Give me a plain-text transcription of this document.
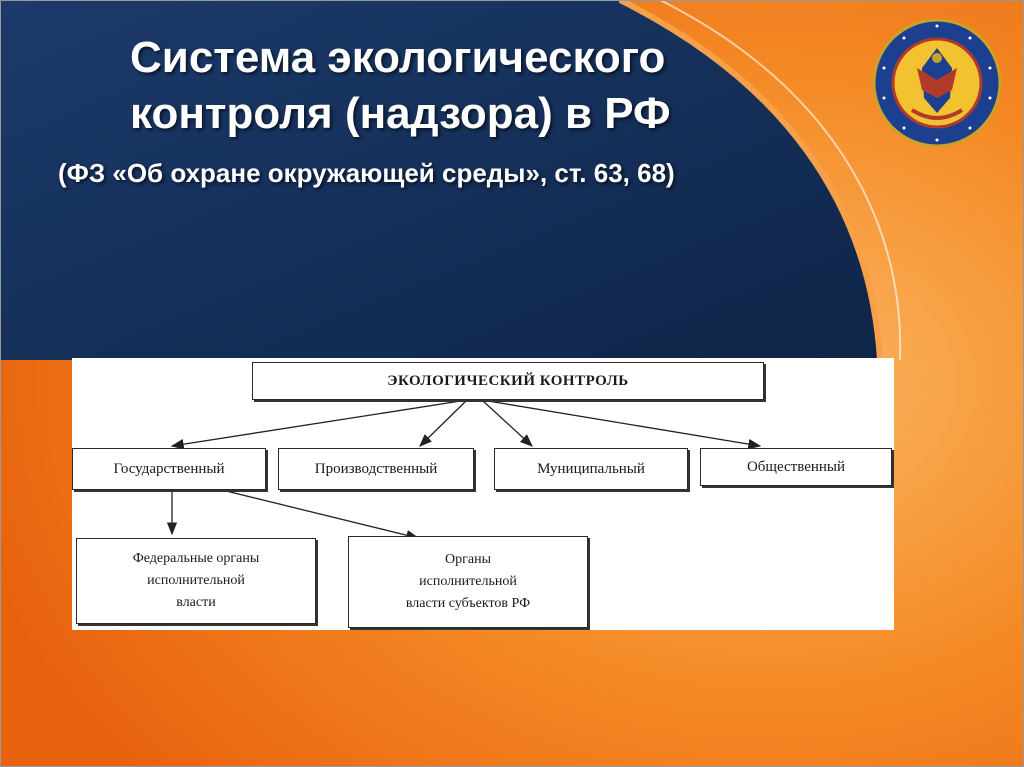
Система экологического
контроля (надзора) в РФ

(ФЗ «Об охране окружающей среды», ст. 63, 68)

ЭКОЛОГИЧЕСКИЙ КОНТРОЛЬ
Государственный	Производственный	Муниципальный	Общественный
Федеральные органы
исполнительной
власти
Органы
исполнительной
власти субъектов РФ
